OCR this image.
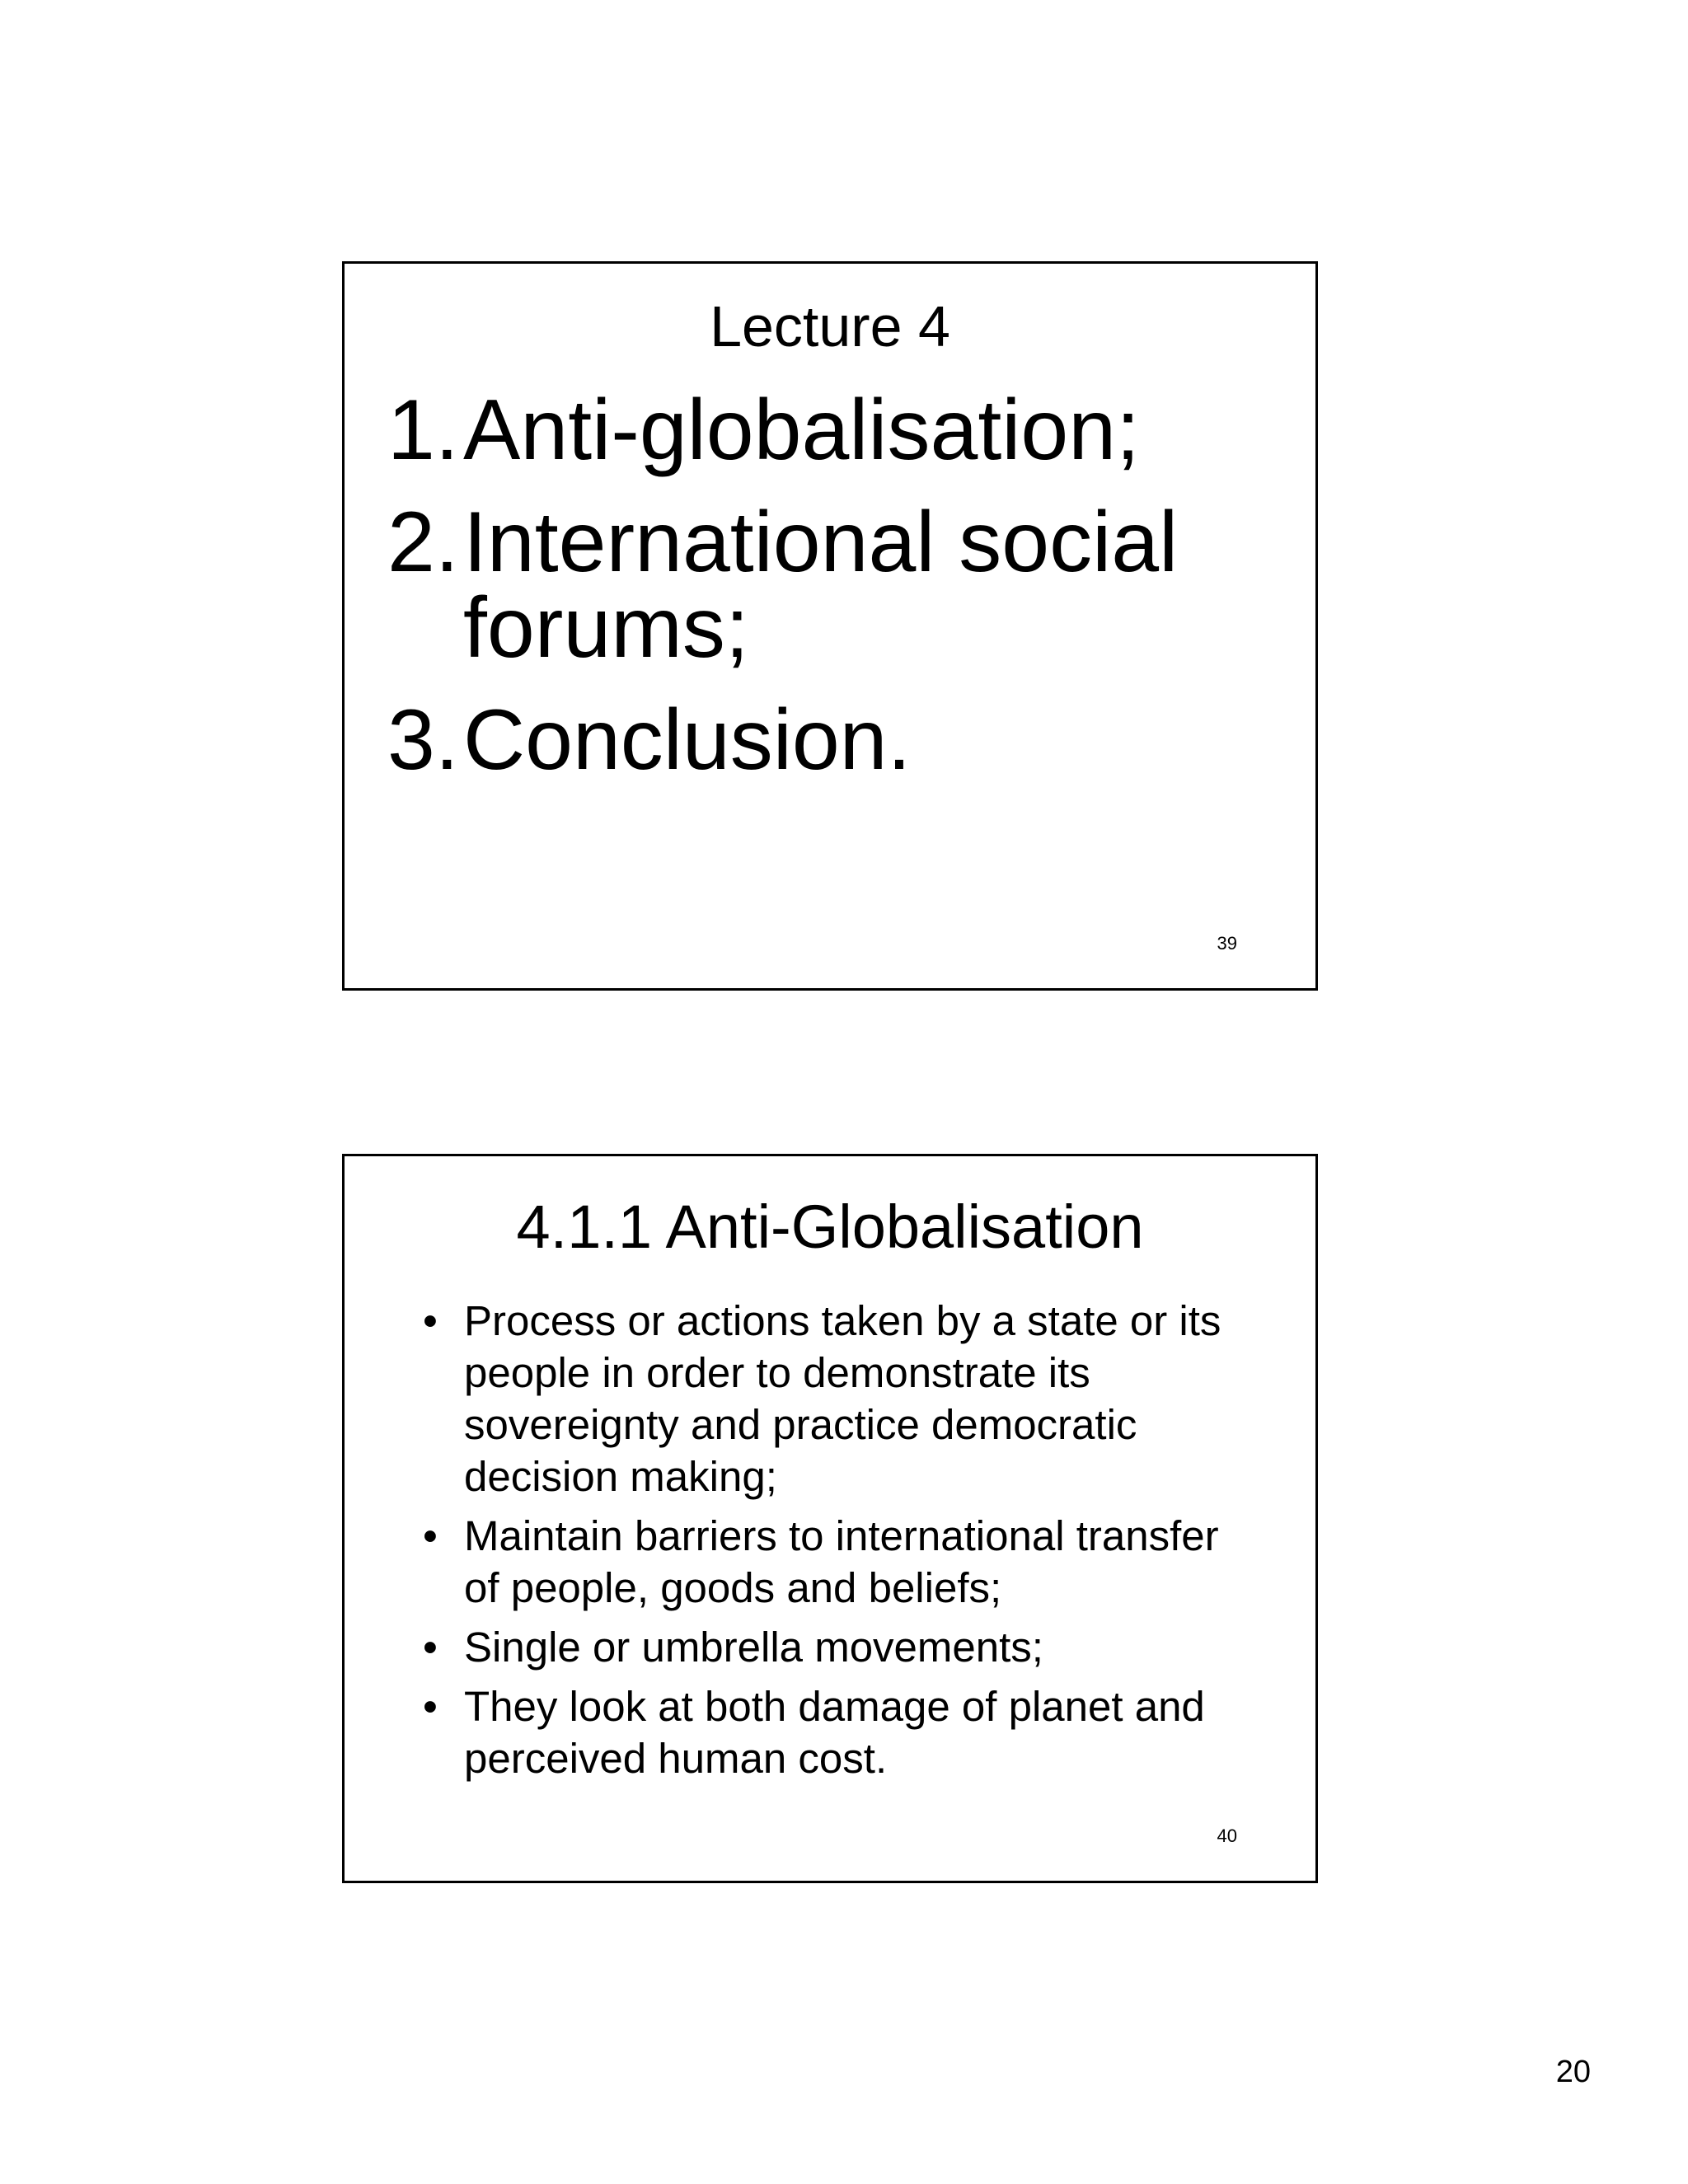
Lecture 4
1. Anti-globalisation;
2. International social forums;
3. Conclusion.
39
4.1.1 Anti-Globalisation
• Process or actions taken by a state or its people in order to demonstrate its sovereignty and practice democratic decision making;
• Maintain barriers to international transfer of people, goods and beliefs;
• Single or umbrella movements;
• They look at both damage of planet and perceived human cost.
40
20
